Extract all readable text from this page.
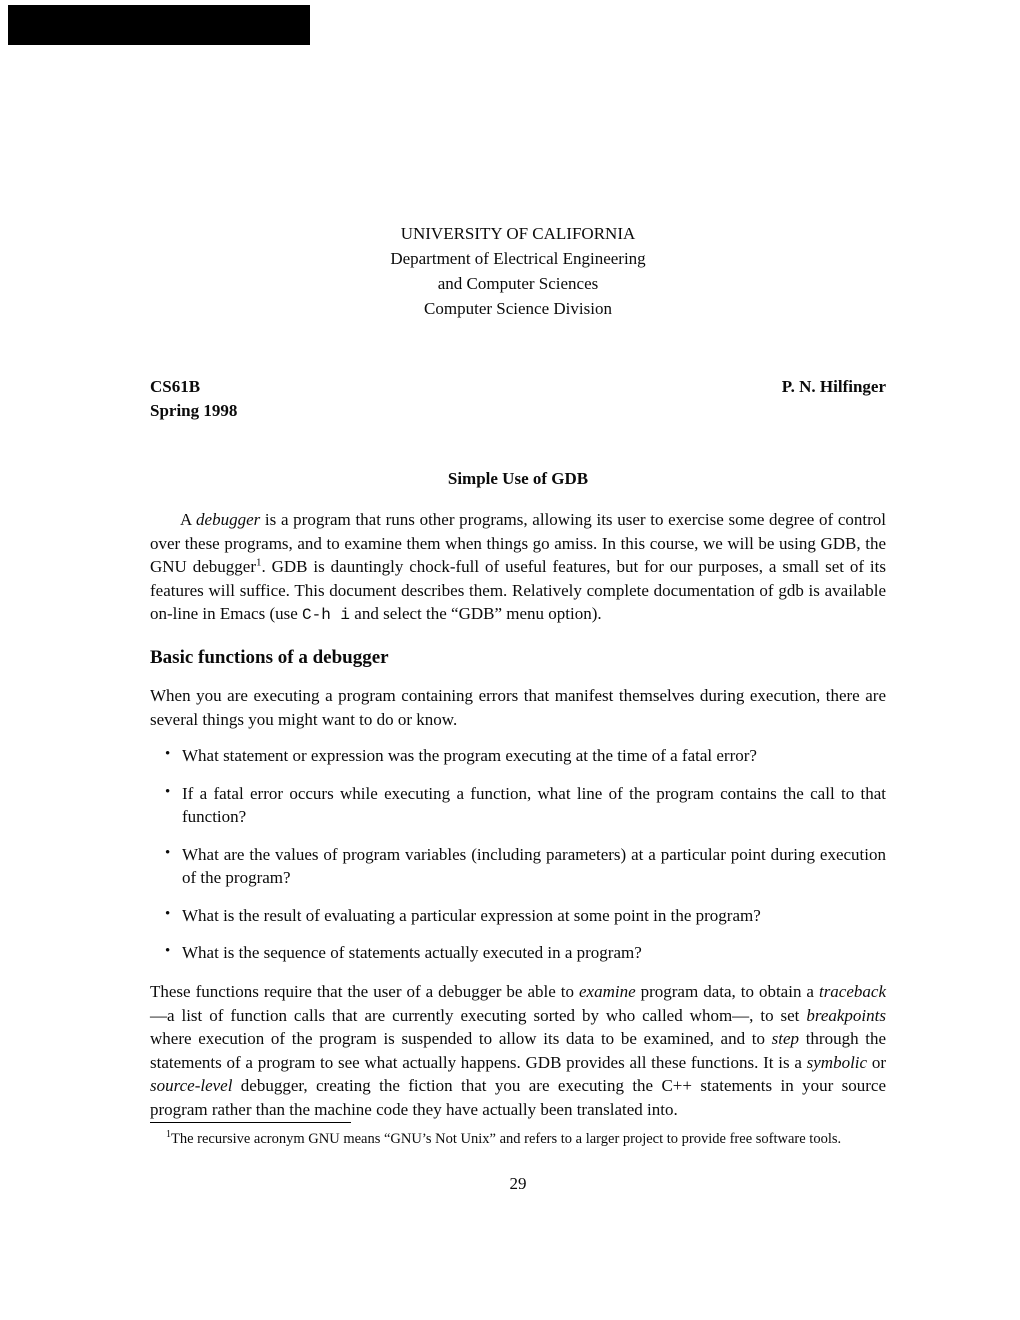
UNIVERSITY OF CALIFORNIA
Department of Electrical Engineering
and Computer Sciences
Computer Science Division
CS61B	P. N. Hilfinger
Spring 1998
Simple Use of GDB

A debugger is a program that runs other programs, allowing its user to exercise some degree of control over these programs, and to examine them when things go amiss. In this course, we will be using GDB, the GNU debugger$^1$. GDB is dauntingly chock-full of useful features, but for our purposes, a small set of its features will suffice. This document describes them. Relatively complete documentation of gdb is available on-line in Emacs (use C-h i and select the “GDB” menu option).

Basic functions of a debugger

When you are executing a program containing errors that manifest themselves during execution, there are several things you might want to do or know.

• What statement or expression was the program executing at the time of a fatal error?
• If a fatal error occurs while executing a function, what line of the program contains the call to that function?
• What are the values of program variables (including parameters) at a particular point during execution of the program?
• What is the result of evaluating a particular expression at some point in the program?
• What is the sequence of statements actually executed in a program?

These functions require that the user of a debugger be able to examine program data, to obtain a traceback—a list of function calls that are currently executing sorted by who called whom—, to set breakpoints where execution of the program is suspended to allow its data to be examined, and to step through the statements of a program to see what actually happens. GDB provides all these functions. It is a symbolic or source-level debugger, creating the fiction that you are executing the C++ statements in your source program rather than the machine code they have actually been translated into.

$^1$The recursive acronym GNU means “GNU’s Not Unix” and refers to a larger project to provide free software tools.

29
